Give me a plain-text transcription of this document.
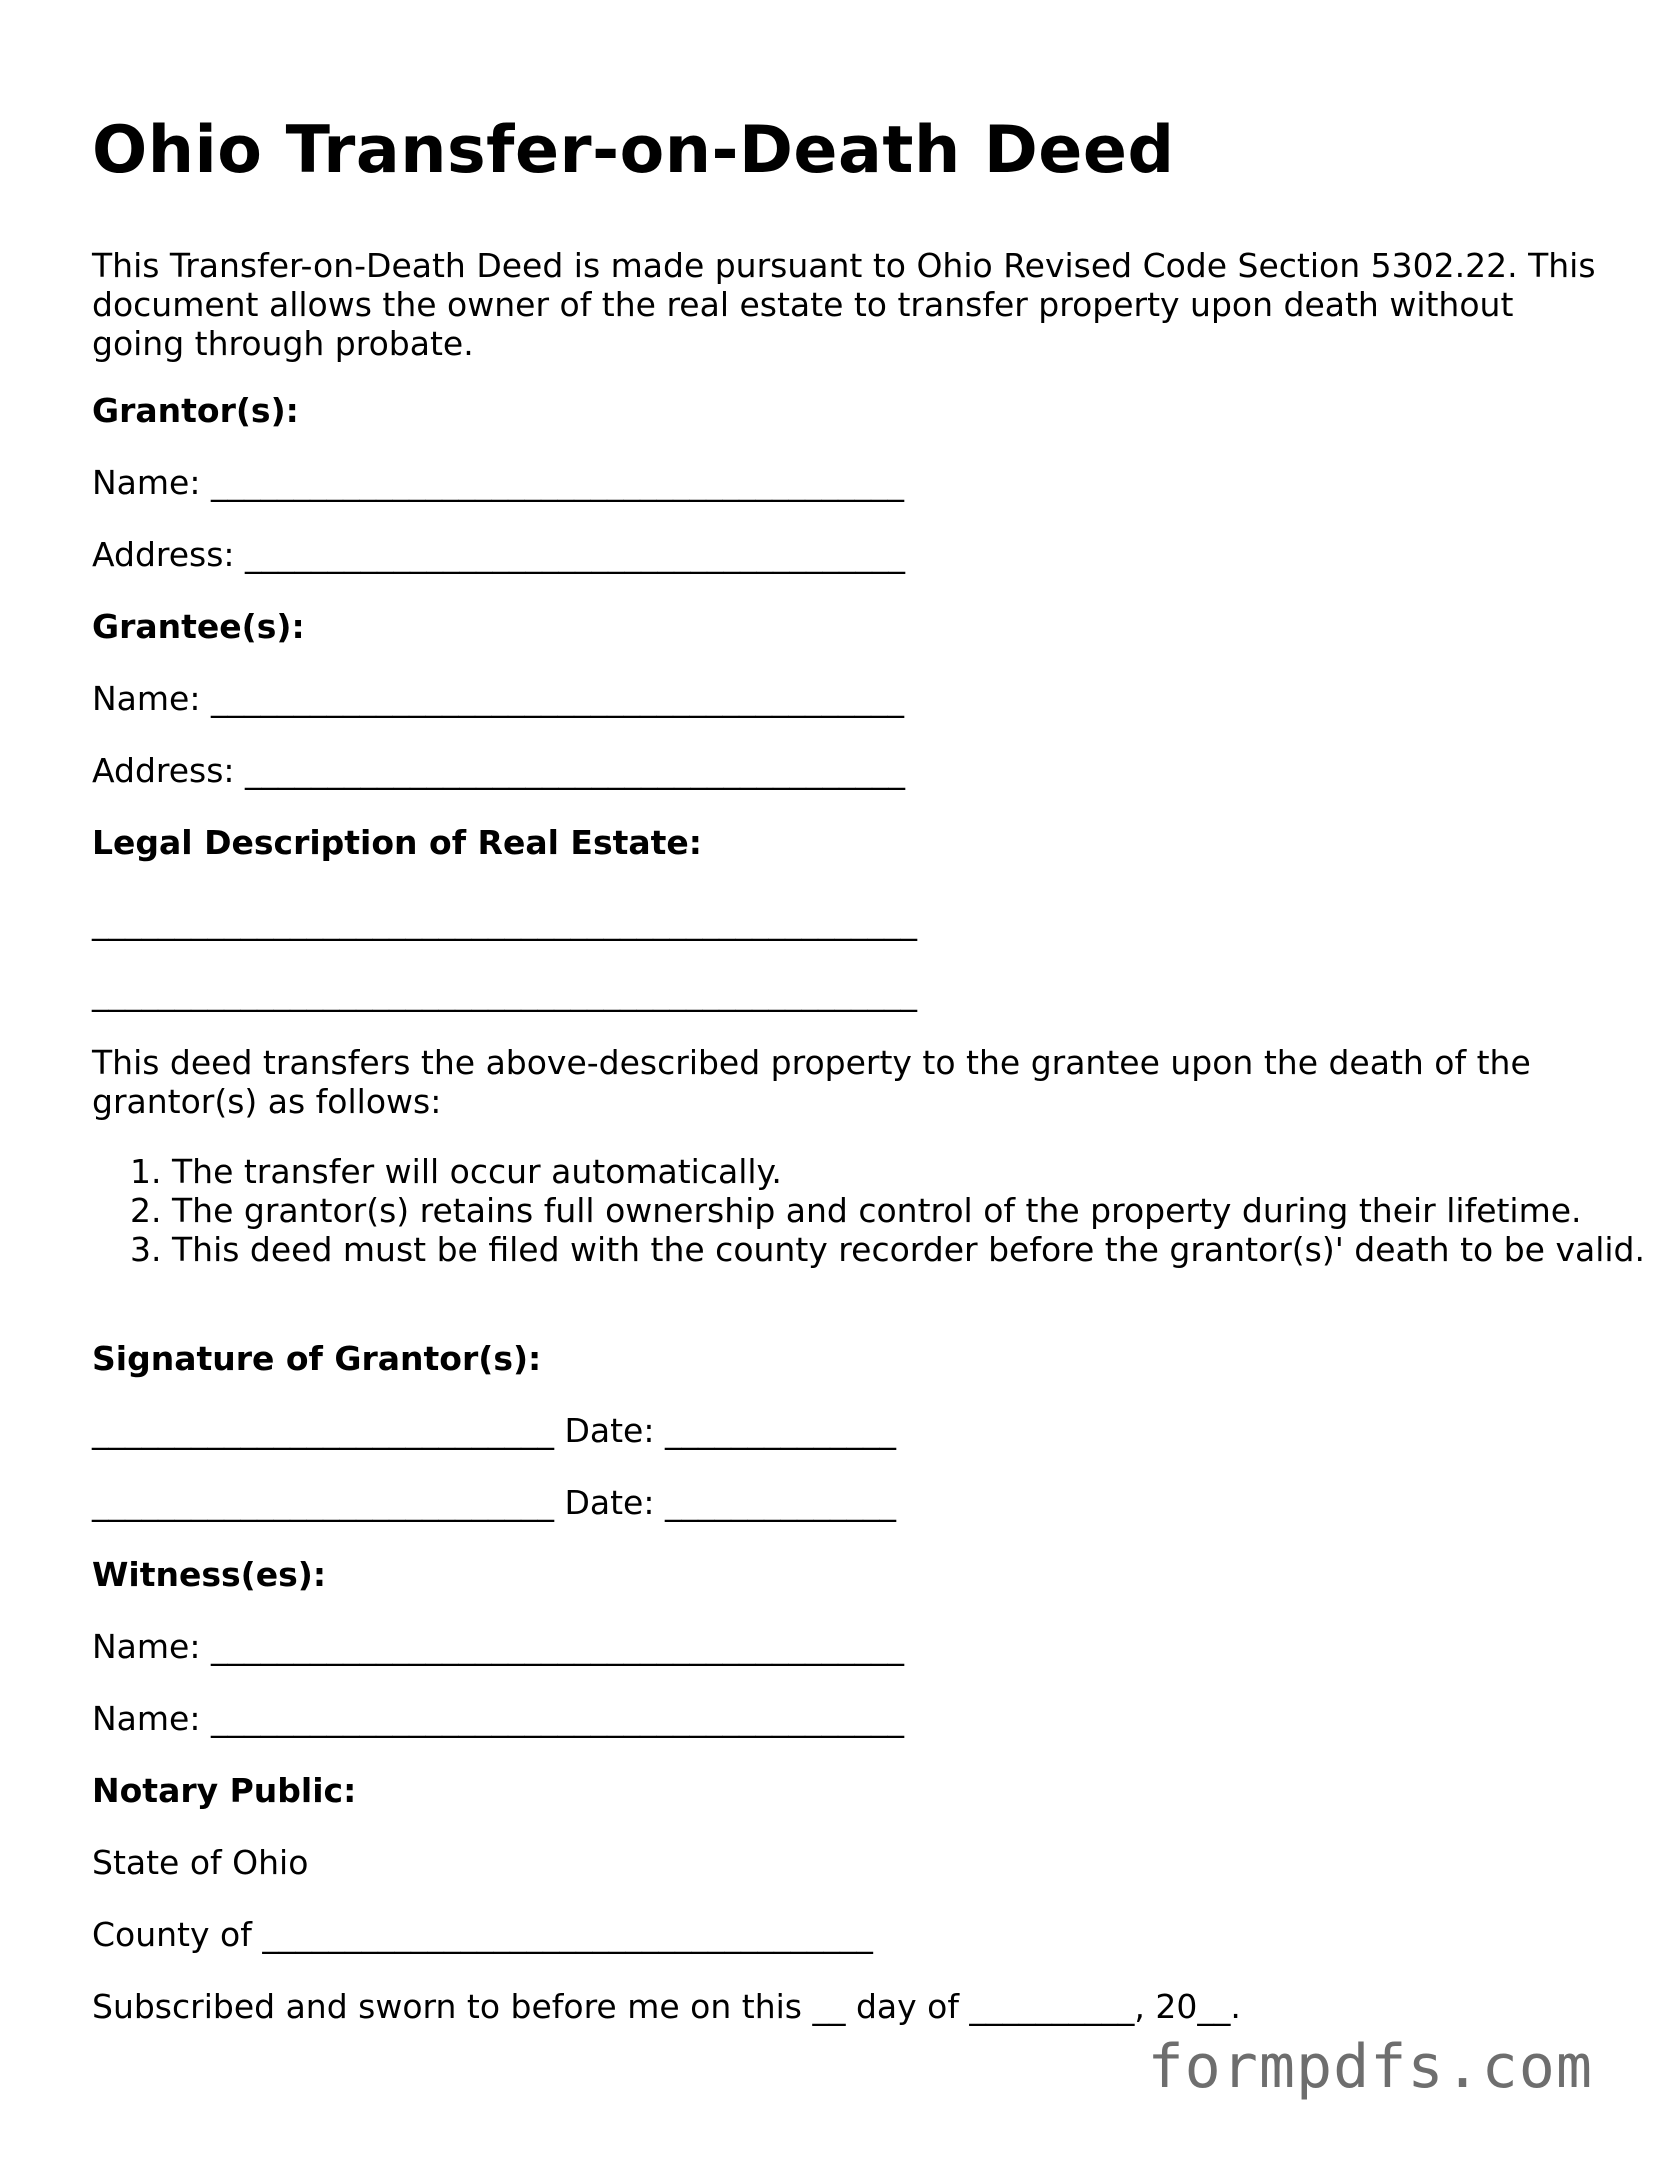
Ohio Transfer-on-Death Deed
This Transfer-on-Death Deed is made pursuant to Ohio Revised Code Section 5302.22. This document allows the owner of the real estate to transfer property upon death without going through probate.
Grantor(s):
Name: __________________________________________
Address: ________________________________________
Grantee(s):
Name: __________________________________________
Address: ________________________________________
Legal Description of Real Estate:
__________________________________________________
__________________________________________________
This deed transfers the above-described property to the grantee upon the death of the grantor(s) as follows:
1. The transfer will occur automatically.
2. The grantor(s) retains full ownership and control of the property during their lifetime.
3. This deed must be filed with the county recorder before the grantor(s)' death to be valid.
Signature of Grantor(s):
____________________________ Date: ______________
____________________________ Date: ______________
Witness(es):
Name: __________________________________________
Name: __________________________________________
Notary Public:
State of Ohio
County of _____________________________________
Subscribed and sworn to before me on this __ day of __________, 20__.
formpdfs.com
